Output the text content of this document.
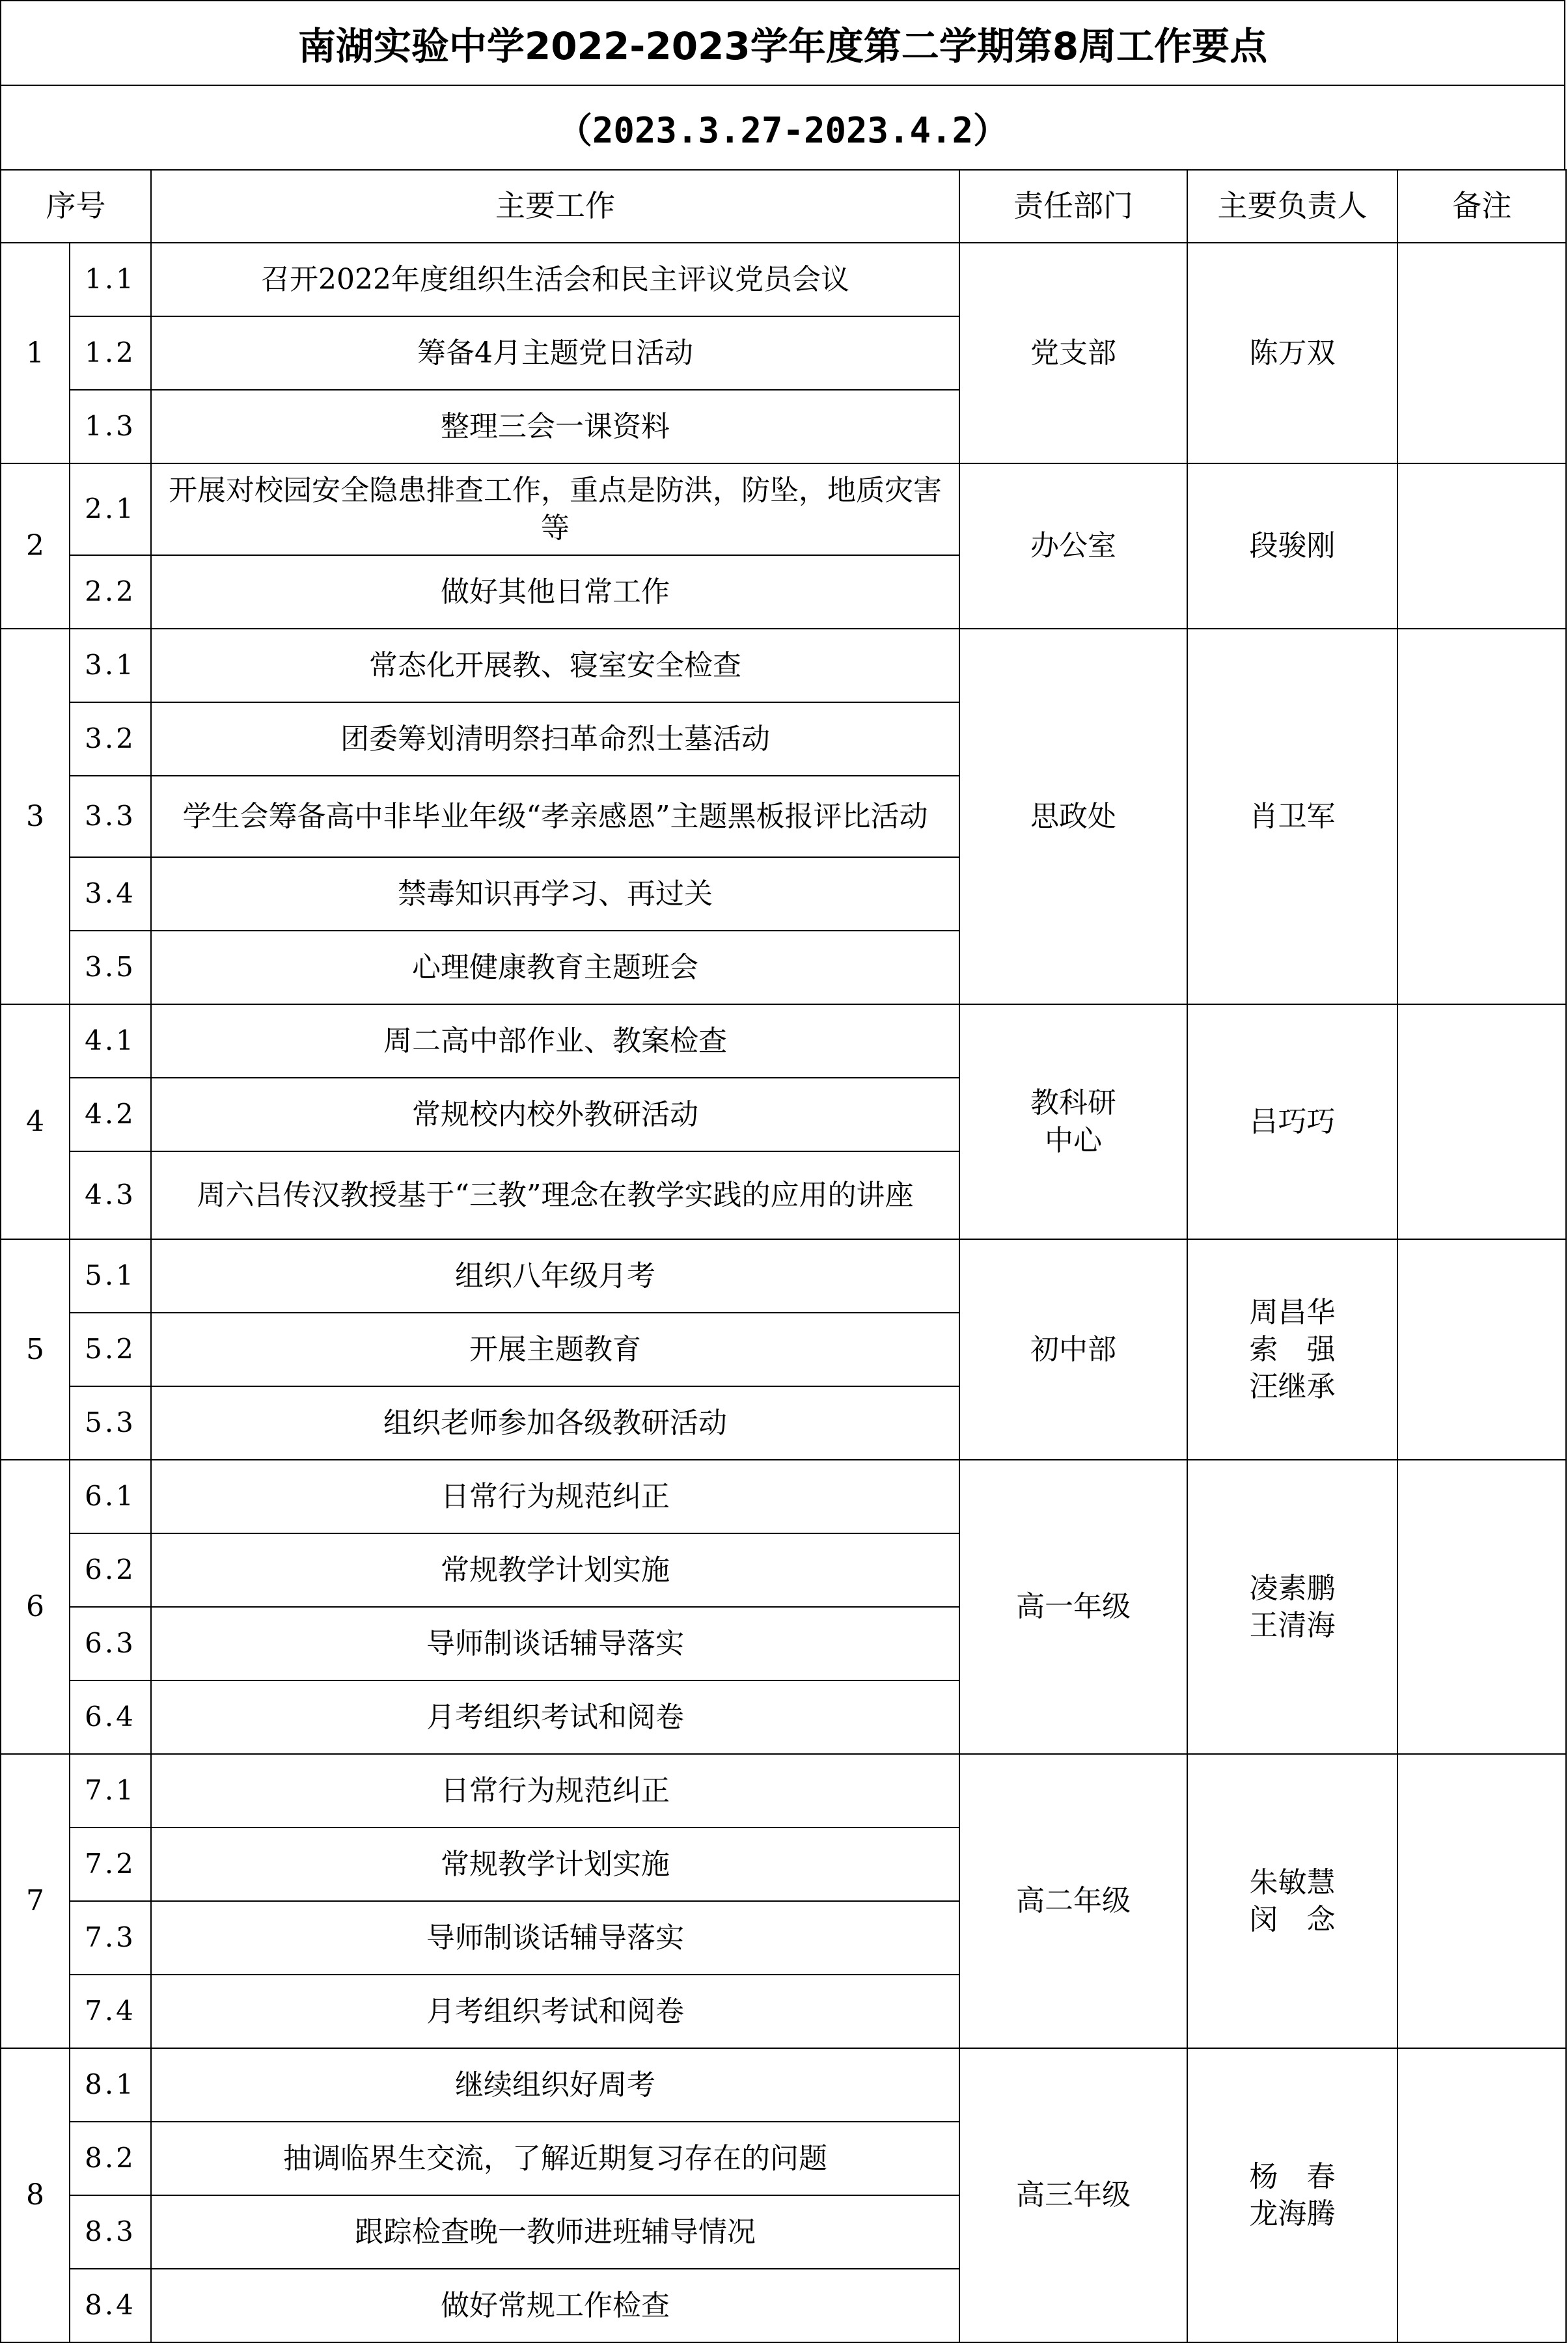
南湖实验中学2022-2023学年度第二学期第8周工作要点
（2023.3.27-2023.4.2）
序号		主要工作	责任部门	主要负责人	备注
1	1.1	召开2022年度组织生活会和民主评议党员会议	党支部	陈万双	

	1.2	筹备4月主题党日活动			
	1.3	整理三会一课资料			
2	2.1	开展对校园安全隐患排查工作，重点是防洪，防坠，地质灾害等	办公室	段骏刚	

	2.2	做好其他日常工作			
3	3.1	常态化开展教、寝室安全检查	思政处	肖卫军	

	3.2	团委筹划清明祭扫革命烈士墓活动			
	3.3	学生会筹备高中非毕业年级“孝亲感恩”主题黑板报评比活动			
	3.4	禁毒知识再学习、再过关			
	3.5	心理健康教育主题班会			
4	4.1	周二高中部作业、教案检查	教科研
中心	吕巧巧	

	4.2	常规校内校外教研活动			
	4.3	周六吕传汉教授基于“三教”理念在教学实践的应用的讲座			
5	5.1	组织八年级月考	初中部	周昌华
索　强
汪继承	

	5.2	开展主题教育			
	5.3	组织老师参加各级教研活动			
6	6.1	日常行为规范纠正	高一年级	凌素鹏
王清海	

	6.2	常规教学计划实施			
	6.3	导师制谈话辅导落实			
	6.4	月考组织考试和阅卷			
7	7.1	日常行为规范纠正	高二年级	朱敏慧
闵　念	

	7.2	常规教学计划实施			
	7.3	导师制谈话辅导落实			
	7.4	月考组织考试和阅卷			
8	8.1	继续组织好周考	高三年级	杨　春
龙海腾	

	8.2	抽调临界生交流，了解近期复习存在的问题			
	8.3	跟踪检查晚一教师进班辅导情况			
	8.4	做好常规工作检查			
